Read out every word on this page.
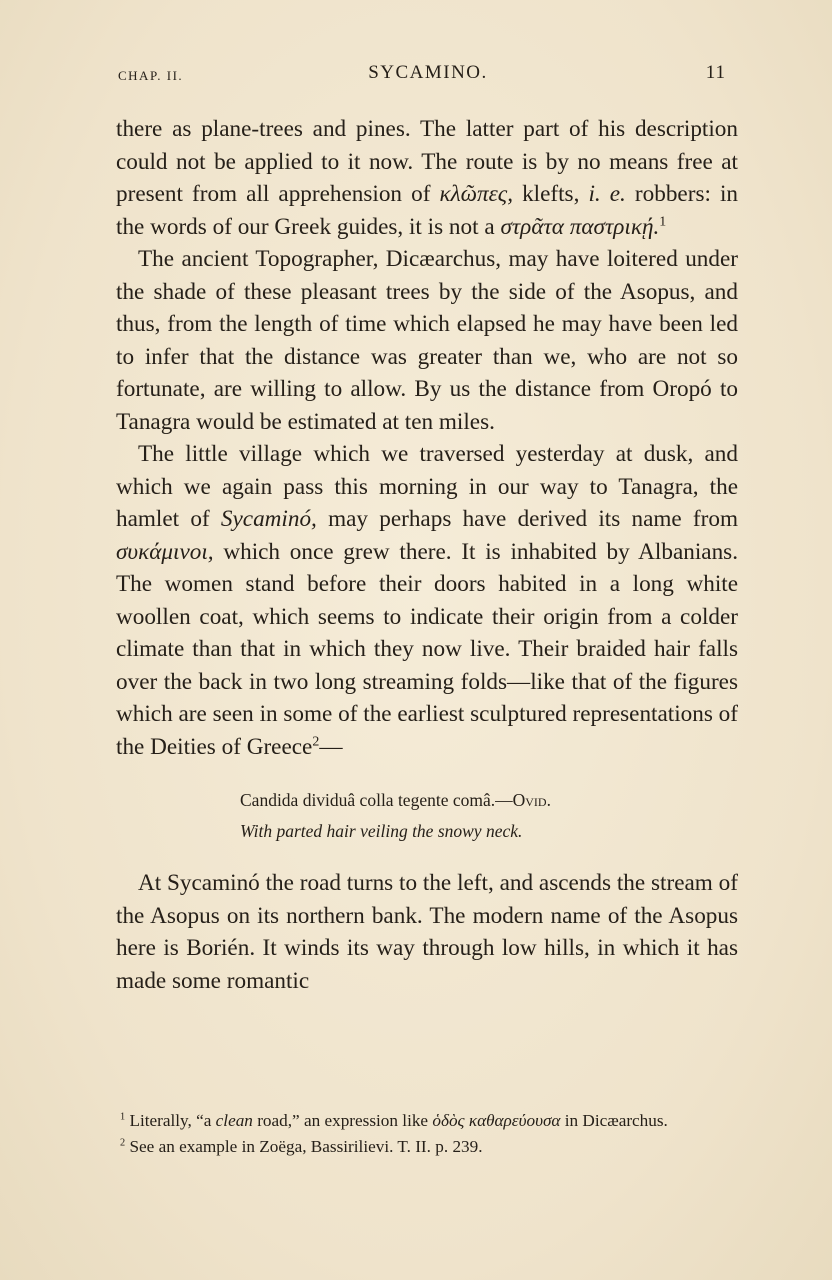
CHAP. II.	SYCAMINO.	11

there as plane-trees and pines. The latter part of his description could not be applied to it now. The route is by no means free at present from all apprehension of κλῶπες, klefts, i. e. robbers: in the words of our Greek guides, it is not a στρᾶτα παστρικῄ.$^1$

The ancient Topographer, Dicæarchus, may have loitered under the shade of these pleasant trees by the side of the Asopus, and thus, from the length of time which elapsed he may have been led to infer that the distance was greater than we, who are not so fortunate, are willing to allow. By us the distance from Oropó to Tanagra would be estimated at ten miles.

The little village which we traversed yesterday at dusk, and which we again pass this morning in our way to Tanagra, the hamlet of Sycaminó, may perhaps have derived its name from συκάμινοι, which once grew there. It is inhabited by Albanians. The women stand before their doors habited in a long white woollen coat, which seems to indicate their origin from a colder climate than that in which they now live. Their braided hair falls over the back in two long streaming folds—like that of the figures which are seen in some of the earliest sculptured representations of the Deities of Greece$^2$—

Candida dividuâ colla tegente comâ.—Ovid.
With parted hair veiling the snowy neck.

At Sycaminó the road turns to the left, and ascends the stream of the Asopus on its northern bank. The modern name of the Asopus here is Borién. It winds its way through low hills, in which it has made some romantic

$^1$ Literally, “a clean road,” an expression like ὁδὸς καθαρεύουσα in Dicæarchus.

$^2$ See an example in Zoëga, Bassirilievi. T. II. p. 239.
